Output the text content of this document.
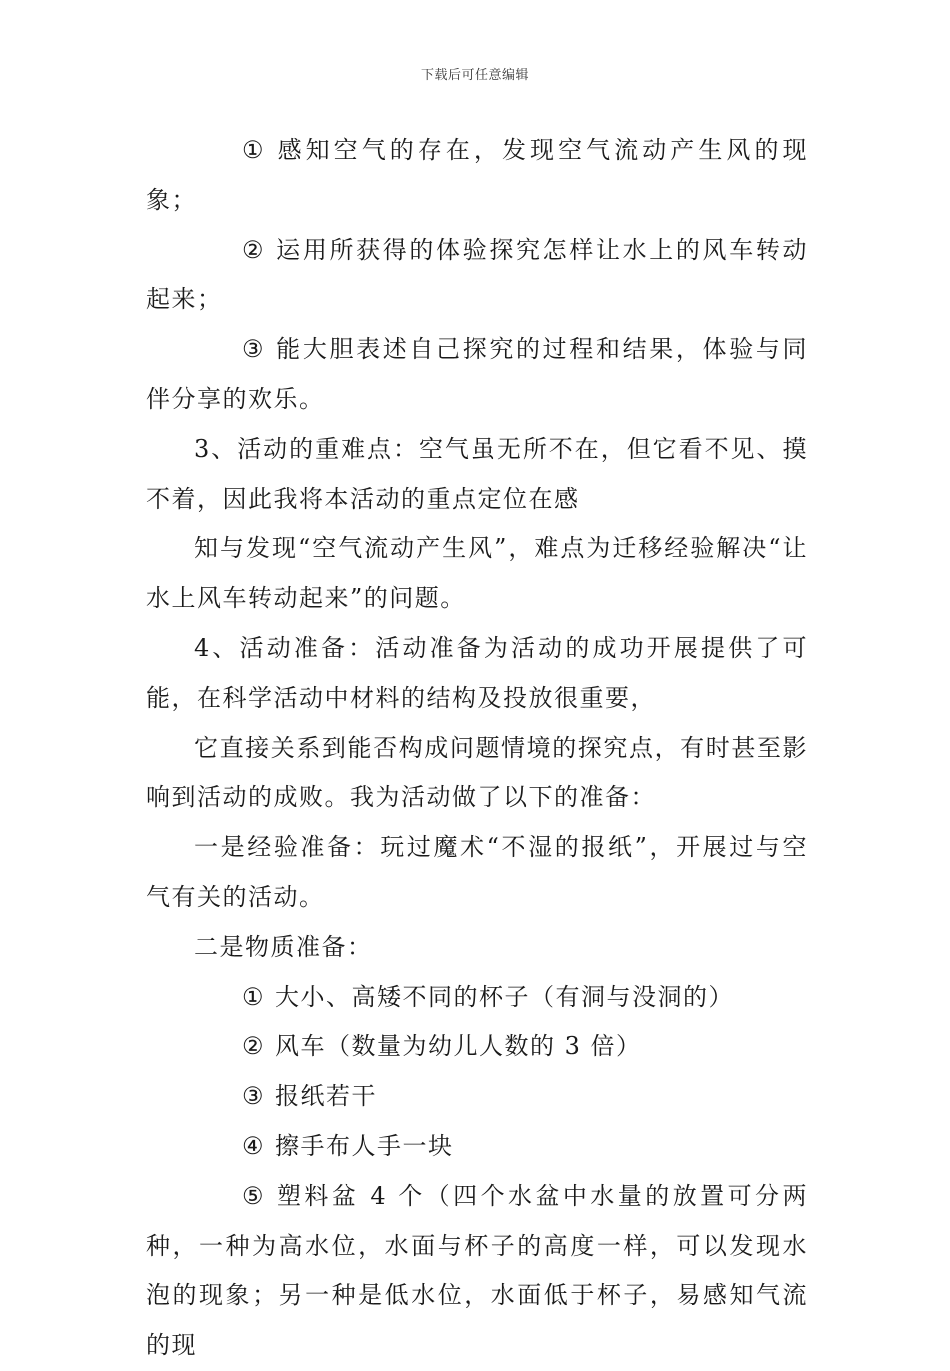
下载后可任意编辑

① 感知空气的存在，发现空气流动产生风的现象；

② 运用所获得的体验探究怎样让水上的风车转动起来；

③ 能大胆表述自己探究的过程和结果，体验与同伴分享的欢乐。

3、活动的重难点：空气虽无所不在，但它看不见、摸不着，因此我将本活动的重点定位在感

知与发现“空气流动产生风”，难点为迁移经验解决“让水上风车转动起来”的问题。

4、活动准备：活动准备为活动的成功开展提供了可能，在科学活动中材料的结构及投放很重要，

它直接关系到能否构成问题情境的探究点，有时甚至影响到活动的成败。我为活动做了以下的准备：

一是经验准备：玩过魔术“不湿的报纸”，开展过与空气有关的活动。

二是物质准备：

① 大小、高矮不同的杯子（有洞与没洞的）

② 风车（数量为幼儿人数的 3 倍）

③ 报纸若干

④ 擦手布人手一块

⑤ 塑料盆 4 个（四个水盆中水量的放置可分两种，一种为高水位，水面与杯子的高度一样，可以发现水泡的现象；另一种是低水位，水面低于杯子，易感知气流的现
